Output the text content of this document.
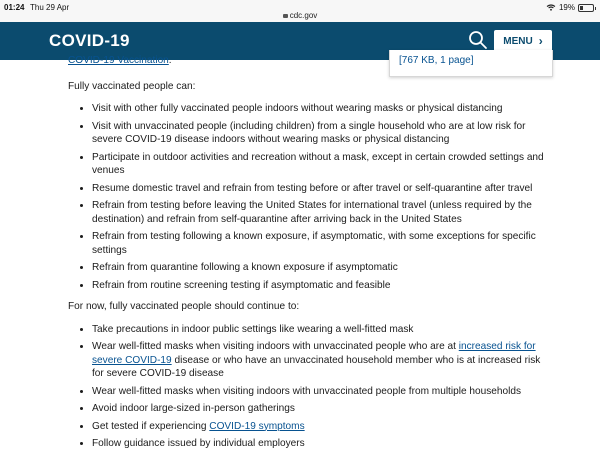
01:24 Thu 29 Apr
cdc.gov
19%
COVID-19	MENU ›
[767 KB, 1 page]

COVID-19 Vaccination.

Fully vaccinated people can:

• Visit with other fully vaccinated people indoors without wearing masks or physical distancing
• Visit with unvaccinated people (including children) from a single household who are at low risk for severe COVID-19 disease indoors without wearing masks or physical distancing
• Participate in outdoor activities and recreation without a mask, except in certain crowded settings and venues
• Resume domestic travel and refrain from testing before or after travel or self-quarantine after travel
• Refrain from testing before leaving the United States for international travel (unless required by the destination) and refrain from self-quarantine after arriving back in the United States
• Refrain from testing following a known exposure, if asymptomatic, with some exceptions for specific settings
• Refrain from quarantine following a known exposure if asymptomatic
• Refrain from routine screening testing if asymptomatic and feasible

For now, fully vaccinated people should continue to:

• Take precautions in indoor public settings like wearing a well-fitted mask
• Wear well-fitted masks when visiting indoors with unvaccinated people who are at increased risk for severe COVID-19 disease or who have an unvaccinated household member who is at increased risk for severe COVID-19 disease
• Wear well-fitted masks when visiting indoors with unvaccinated people from multiple households
• Avoid indoor large-sized in-person gatherings
• Get tested if experiencing COVID-19 symptoms
• Follow guidance issued by individual employers
